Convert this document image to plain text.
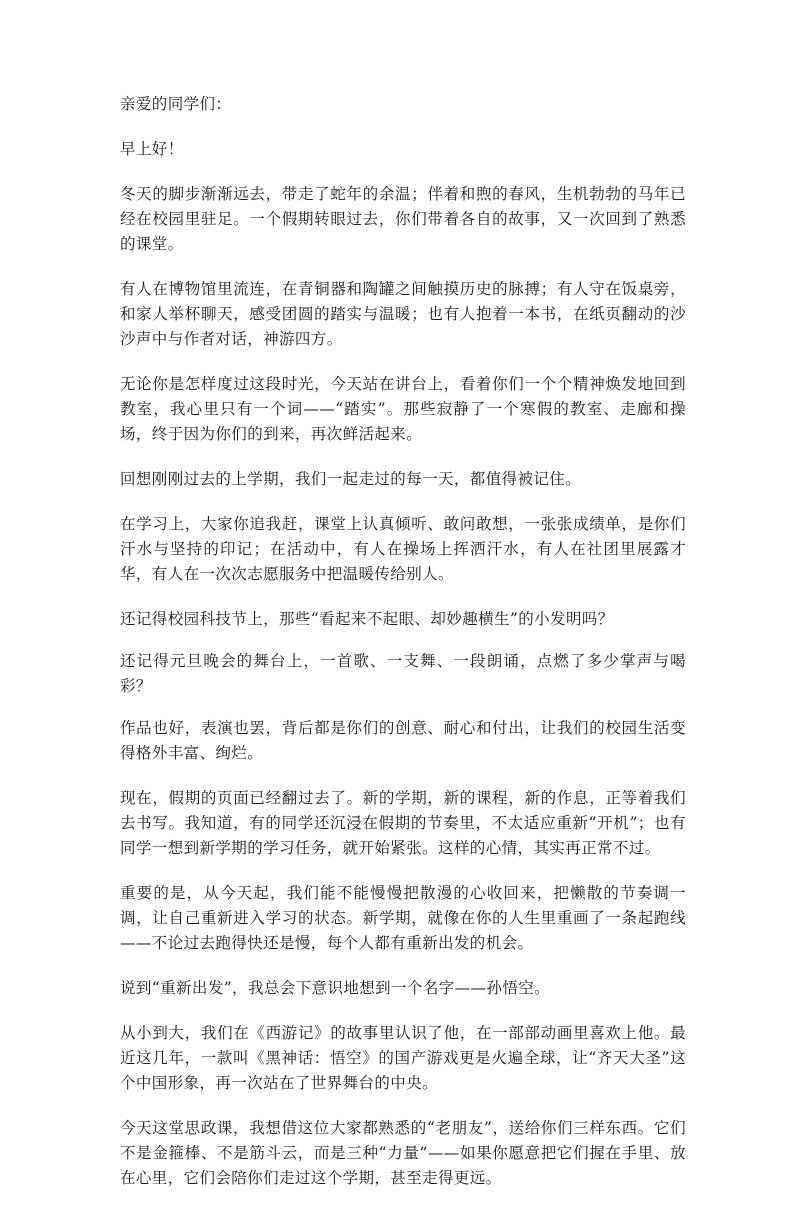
亲爱的同学们：

早上好！

冬天的脚步渐渐远去，带走了蛇年的余温；伴着和煦的春风，生机勃勃的马年已经在校园里驻足。一个假期转眼过去，你们带着各自的故事，又一次回到了熟悉的课堂。

有人在博物馆里流连，在青铜器和陶罐之间触摸历史的脉搏；有人守在饭桌旁，和家人举杯聊天，感受团圆的踏实与温暖；也有人抱着一本书，在纸页翻动的沙沙声中与作者对话，神游四方。

无论你是怎样度过这段时光，今天站在讲台上，看着你们一个个精神焕发地回到教室，我心里只有一个词——“踏实”。那些寂静了一个寒假的教室、走廊和操场，终于因为你们的到来，再次鲜活起来。

回想刚刚过去的上学期，我们一起走过的每一天，都值得被记住。

在学习上，大家你追我赶，课堂上认真倾听、敢问敢想，一张张成绩单，是你们汗水与坚持的印记；在活动中，有人在操场上挥洒汗水，有人在社团里展露才华，有人在一次次志愿服务中把温暖传给别人。

还记得校园科技节上，那些“看起来不起眼、却妙趣横生”的小发明吗？

还记得元旦晚会的舞台上，一首歌、一支舞、一段朗诵，点燃了多少掌声与喝彩？

作品也好，表演也罢，背后都是你们的创意、耐心和付出，让我们的校园生活变得格外丰富、绚烂。

现在，假期的页面已经翻过去了。新的学期，新的课程，新的作息，正等着我们去书写。我知道，有的同学还沉浸在假期的节奏里，不太适应重新“开机”；也有同学一想到新学期的学习任务，就开始紧张。这样的心情，其实再正常不过。

重要的是，从今天起，我们能不能慢慢把散漫的心收回来，把懒散的节奏调一调，让自己重新进入学习的状态。新学期，就像在你的人生里重画了一条起跑线——不论过去跑得快还是慢，每个人都有重新出发的机会。

说到“重新出发”，我总会下意识地想到一个名字——孙悟空。

从小到大，我们在《西游记》的故事里认识了他，在一部部动画里喜欢上他。最近这几年，一款叫《黑神话：悟空》的国产游戏更是火遍全球，让“齐天大圣”这个中国形象，再一次站在了世界舞台的中央。

今天这堂思政课，我想借这位大家都熟悉的“老朋友”，送给你们三样东西。它们不是金箍棒、不是筋斗云，而是三种“力量”——如果你愿意把它们握在手里、放在心里，它们会陪你们走过这个学期，甚至走得更远。
